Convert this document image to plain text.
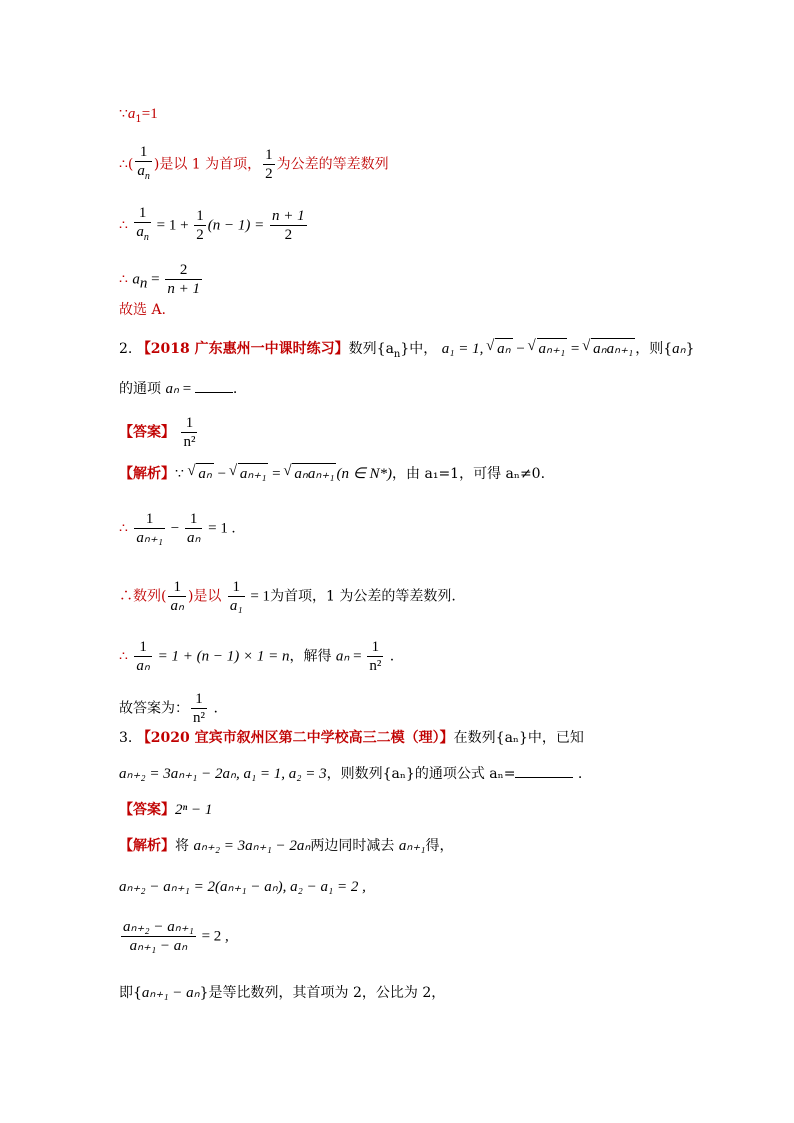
$\because a_1=1$
∴( $\frac{1}{a_n}$ )是以 1 为首项， $\frac{1}{2}$ 为公差的等差数列
∴ $\frac{1}{a_n} = 1 + \frac{1}{2} (n - 1) = \frac{n + 1}{2}$
∴ $a_n = \frac{2}{n + 1}$
故选 A.
2. 【2018 广东惠州一中课时练习】数列$\{a_n\}$中， a₁ = 1, √ aₙ − √ aₙ₊₁ = √ aₙaₙ₊₁ ，则{aₙ}
的通项 aₙ =	.
【答案】 $\frac{1}{\text{n²}}$
【解析】∵ √ aₙ − √ aₙ₊₁ = √ aₙaₙ₊₁ (n ∈ N*)，由 a₁=1，可得 aₙ≠0.
∴ $\frac{1}{\text{aₙ₊₁}} - \frac{1}{\text{aₙ}} = 1$ .
∴数列( $\frac{1}{\text{aₙ}}$ )是以 $\frac{1}{\text{a₁}} = 1$为首项，1 为公差的等差数列.
∴ $\frac{1}{\text{aₙ}} = 1 + (n - 1) \times 1 = n$，解得 $a_n = \frac{1}{\text{n²}}$ .
故答案为： $\frac{1}{\text{n²}}$ .
3. 【2020 宜宾市叙州区第二中学校高三二模（理）】在数列{aₙ}中，已知
aₙ₊₂ = 3aₙ₊₁ − 2aₙ, a₁ = 1, a₂ = 3，则数列{aₙ}的通项公式 aₙ=	.
【答案】2ⁿ − 1
【解析】将 aₙ₊₂ = 3aₙ₊₁ − 2aₙ两边同时减去 aₙ₊₁得，
aₙ₊₂ − aₙ₊₁ = 2(aₙ₊₁ − aₙ), a₂ − a₁ = 2 ,
$\frac{\text{aₙ₊₂ − aₙ₊₁}}{\text{aₙ₊₁ − aₙ}} = 2$ ,
即{aₙ₊₁ − aₙ}是等比数列，其首项为 2，公比为 2，
